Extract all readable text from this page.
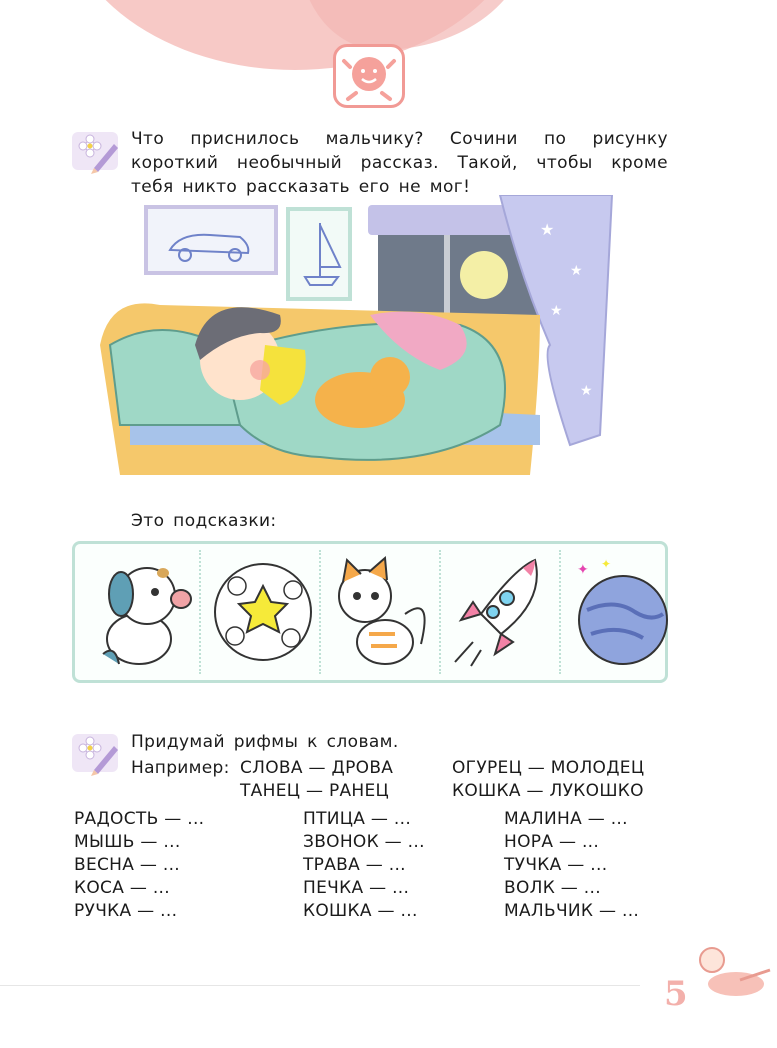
Что приснилось мальчику? Сочини по рисунку короткий необычный рассказ. Такой, чтобы кроме тебя никто рассказать его не мог!
★
★
★
★
Это подсказки:
✦ ✦
Придумай рифмы к словам.
Например: СЛОВА — ДРОВА	ОГУРЕЦ — МОЛОДЕЦ
ТАНЕЦ — РАНЕЦ	КОШКА — ЛУКОШКО
РАДОСТЬ — ...
МЫШЬ — ...
ВЕСНА — ...
КОСА — ...
РУЧКА — ...
ПТИЦА — ...
ЗВОНОК — ...
ТРАВА — ...
ПЕЧКА — ...
КОШКА — ...
МАЛИНА — ...
НОРА — ...
ТУЧКА — ...
ВОЛК — ...
МАЛЬЧИК — ...
5
